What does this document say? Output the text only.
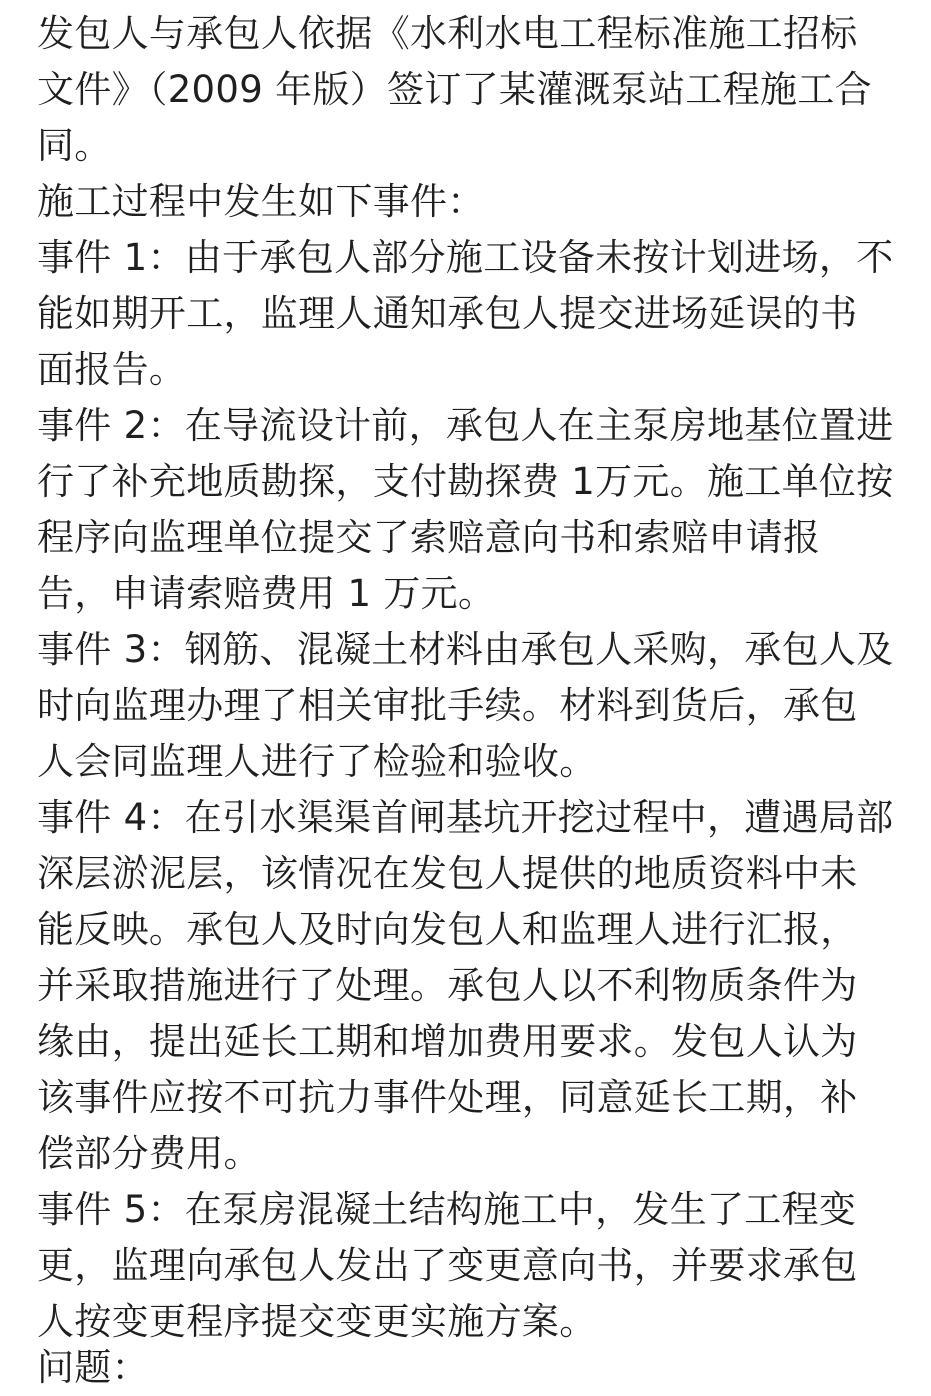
发包人与承包人依据《水利水电工程标准施工招标
文件》（2009 年版）签订了某灌溉泵站工程施工合
同。
施工过程中发生如下事件：
事件 1：由于承包人部分施工设备未按计划进场，不
能如期开工，监理人通知承包人提交进场延误的书
面报告。
事件 2：在导流设计前，承包人在主泵房地基位置进
行了补充地质勘探，支付勘探费 1万元。施工单位按
程序向监理单位提交了索赔意向书和索赔申请报
告，申请索赔费用 1 万元。
事件 3：钢筋、混凝土材料由承包人采购，承包人及
时向监理办理了相关审批手续。材料到货后，承包
人会同监理人进行了检验和验收。
事件 4：在引水渠渠首闸基坑开挖过程中，遭遇局部
深层淤泥层，该情况在发包人提供的地质资料中未
能反映。承包人及时向发包人和监理人进行汇报，
并采取措施进行了处理。承包人以不利物质条件为
缘由，提出延长工期和增加费用要求。发包人认为
该事件应按不可抗力事件处理，同意延长工期，补
偿部分费用。
事件 5：在泵房混凝土结构施工中，发生了工程变
更，监理向承包人发出了变更意向书，并要求承包
人按变更程序提交变更实施方案。
问题：
